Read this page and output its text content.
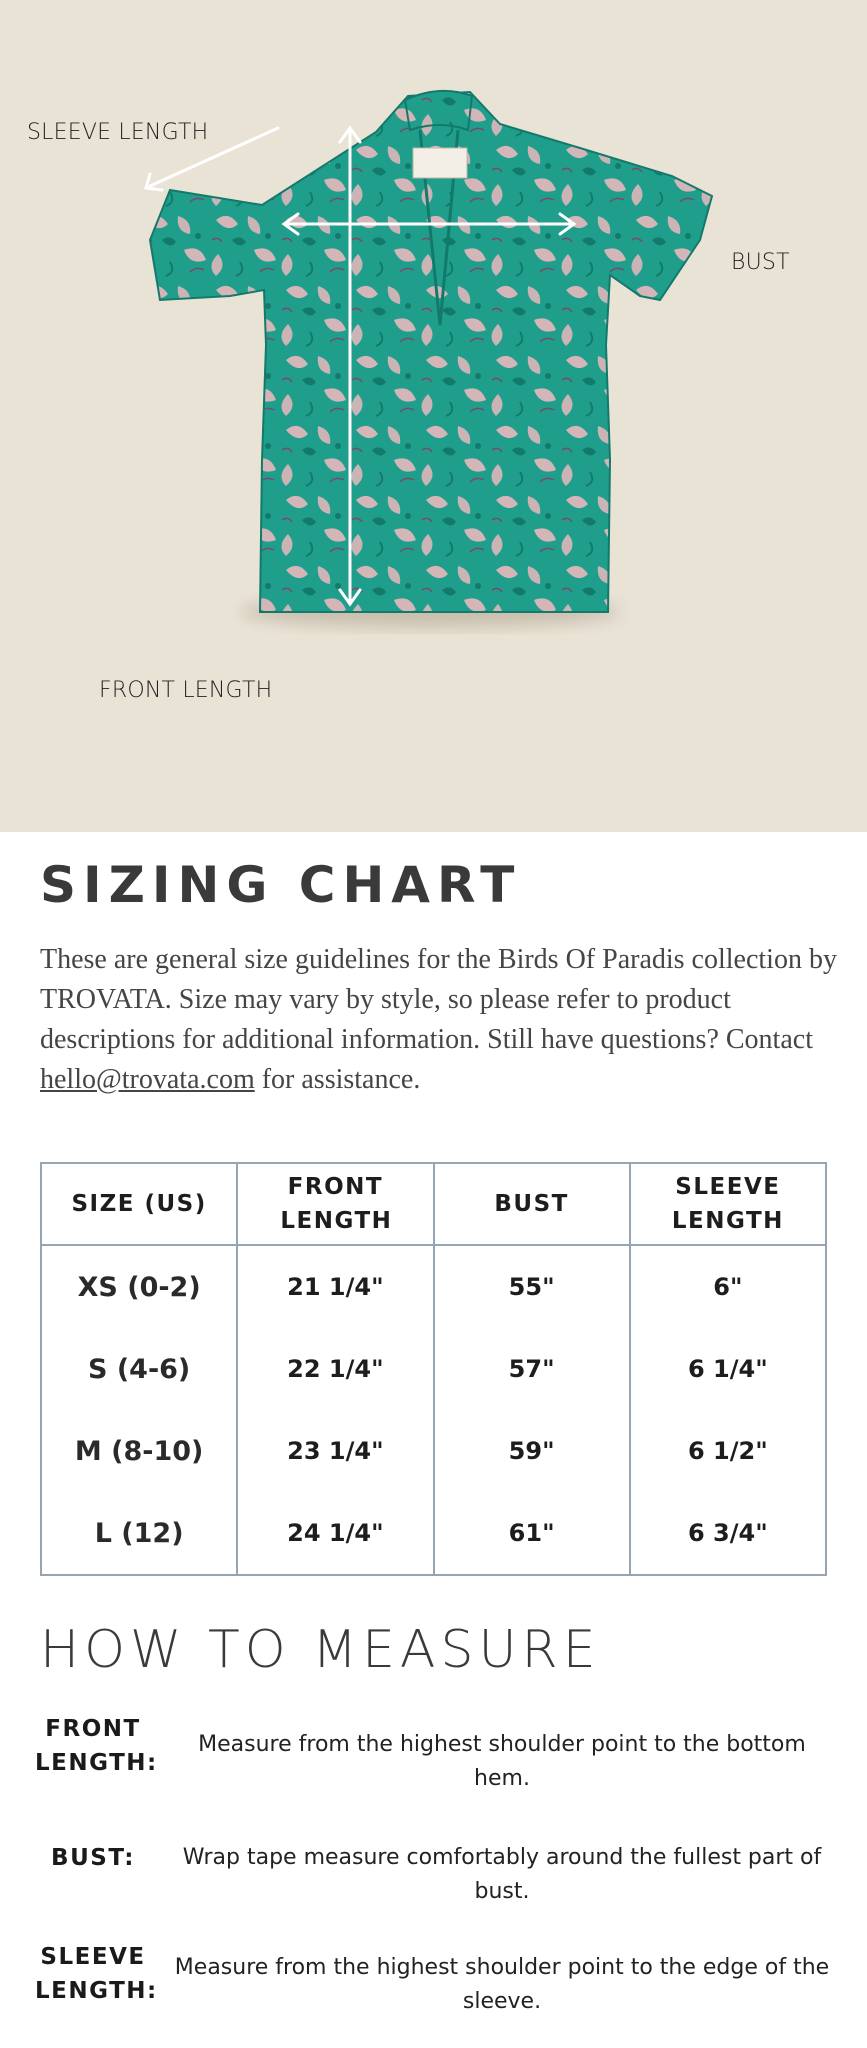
SLEEVE LENGTH
BUST
FRONT LENGTH
SIZING CHART

These are general size guidelines for the Birds Of Paradis collection by TROVATA. Size may vary by style, so please refer to product descriptions for additional information. Still have questions? Contact hello@trovata.com for assistance.

SIZE (US)	FRONT LENGTH	BUST	SLEEVE LENGTH
XS (0-2)	21 1/4"	55"	6"
S (4-6)	22 1/4"	57"	6 1/4"
M (8-10)	23 1/4"	59"	6 1/2"
L (12)	24 1/4"	61"	6 3/4"
HOW TO MEASURE
FRONT LENGTH:
Measure from the highest shoulder point to the bottom hem.
BUST:	Wrap tape measure comfortably around the fullest part of bust.
SLEEVE LENGTH:
Measure from the highest shoulder point to the edge of the sleeve.
